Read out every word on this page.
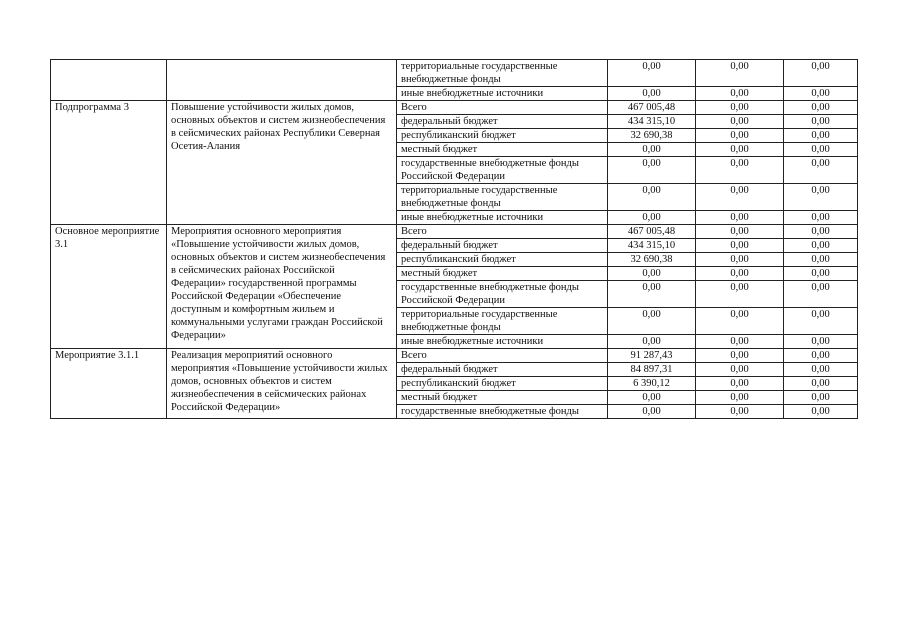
		территориальные государственные внебюджетные фонды	0,00	0,00	0,00
		иные внебюджетные источники	0,00	0,00	0,00
Подпрограмма 3	Повышение устойчивости жилых домов, основных объектов и систем жизнеобеспечения в сейсмических районах Республики Северная Осетия-Алания	Всего	467 005,48	0,00	0,00
		федеральный бюджет	434 315,10	0,00	0,00
		республиканский бюджет	32 690,38	0,00	0,00
		местный бюджет	0,00	0,00	0,00
		государственные внебюджетные фонды Российской Федерации	0,00	0,00	0,00
		территориальные государственные внебюджетные фонды	0,00	0,00	0,00
		иные внебюджетные источники	0,00	0,00	0,00
Основное мероприятие 3.1	Мероприятия основного мероприятия «Повышение устойчивости жилых домов, основных объектов и систем жизнеобеспечения в сейсмических районах Российской Федерации» государственной программы Российской Федерации «Обеспечение доступным и комфортным жильем и коммунальными услугами граждан Российской Федерации»	Всего	467 005,48	0,00	0,00
		федеральный бюджет	434 315,10	0,00	0,00
		республиканский бюджет	32 690,38	0,00	0,00
		местный бюджет	0,00	0,00	0,00
		государственные внебюджетные фонды Российской Федерации	0,00	0,00	0,00
		территориальные государственные внебюджетные фонды	0,00	0,00	0,00
		иные внебюджетные источники	0,00	0,00	0,00
Мероприятие 3.1.1	Реализация мероприятий основного мероприятия «Повышение устойчивости жилых домов, основных объектов и систем жизнеобеспечения в сейсмических районах Российской Федерации»	Всего	91 287,43	0,00	0,00
		федеральный бюджет	84 897,31	0,00	0,00
		республиканский бюджет	6 390,12	0,00	0,00
		местный бюджет	0,00	0,00	0,00
		государственные внебюджетные фонды	0,00	0,00	0,00
